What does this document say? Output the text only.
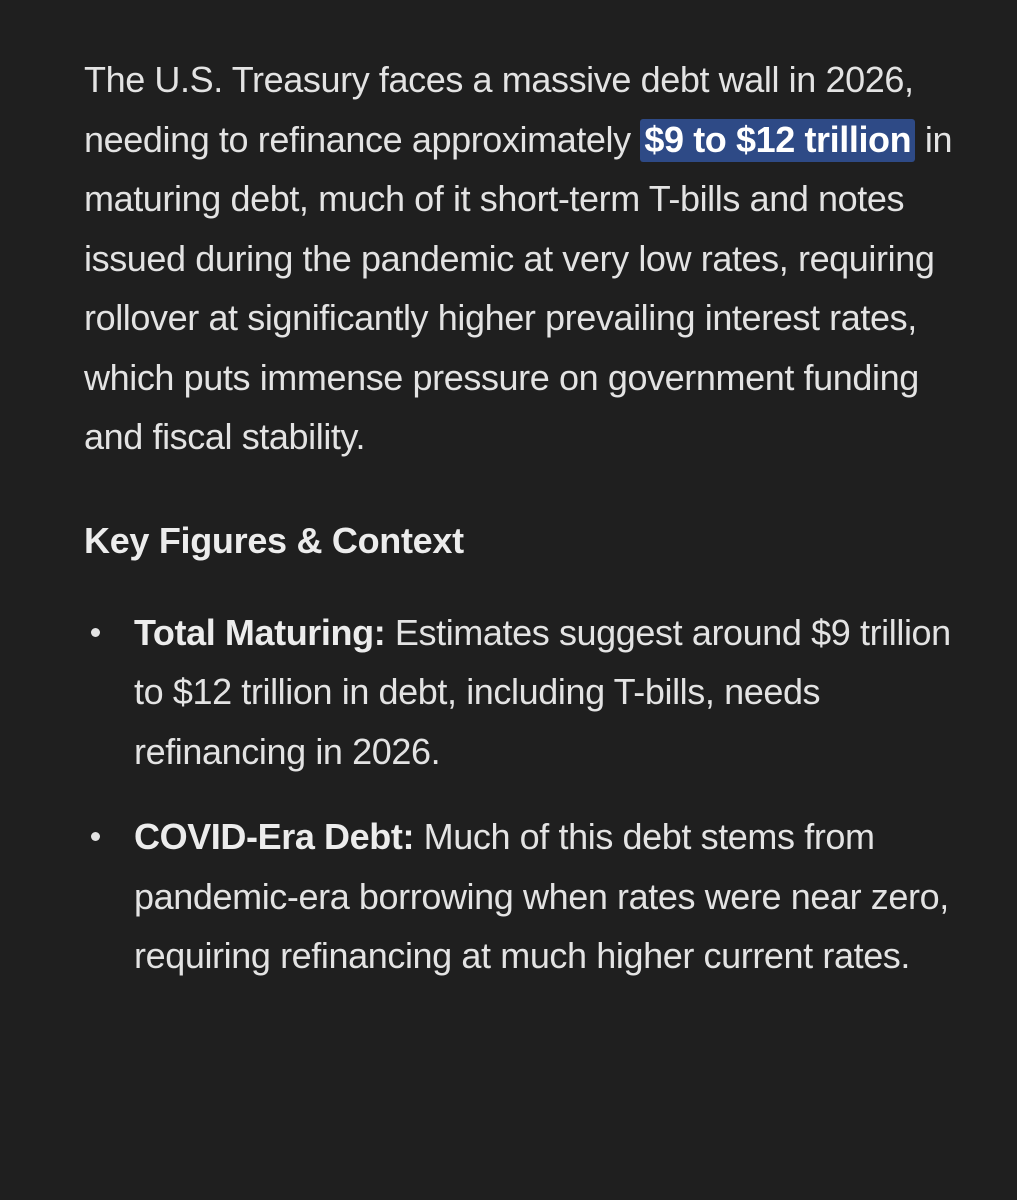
The U.S. Treasury faces a massive debt wall in 2026, needing to refinance approximately $9 to $12 trillion in maturing debt, much of it short-term T-bills and notes issued during the pandemic at very low rates, requiring rollover at significantly higher prevailing interest rates, which puts immense pressure on government funding and fiscal stability.

Key Figures & Context
Total Maturing: Estimates suggest around $9 trillion to $12 trillion in debt, including T-bills, needs refinancing in 2026.
COVID-Era Debt: Much of this debt stems from pandemic-era borrowing when rates were near zero, requiring refinancing at much higher current rates.
